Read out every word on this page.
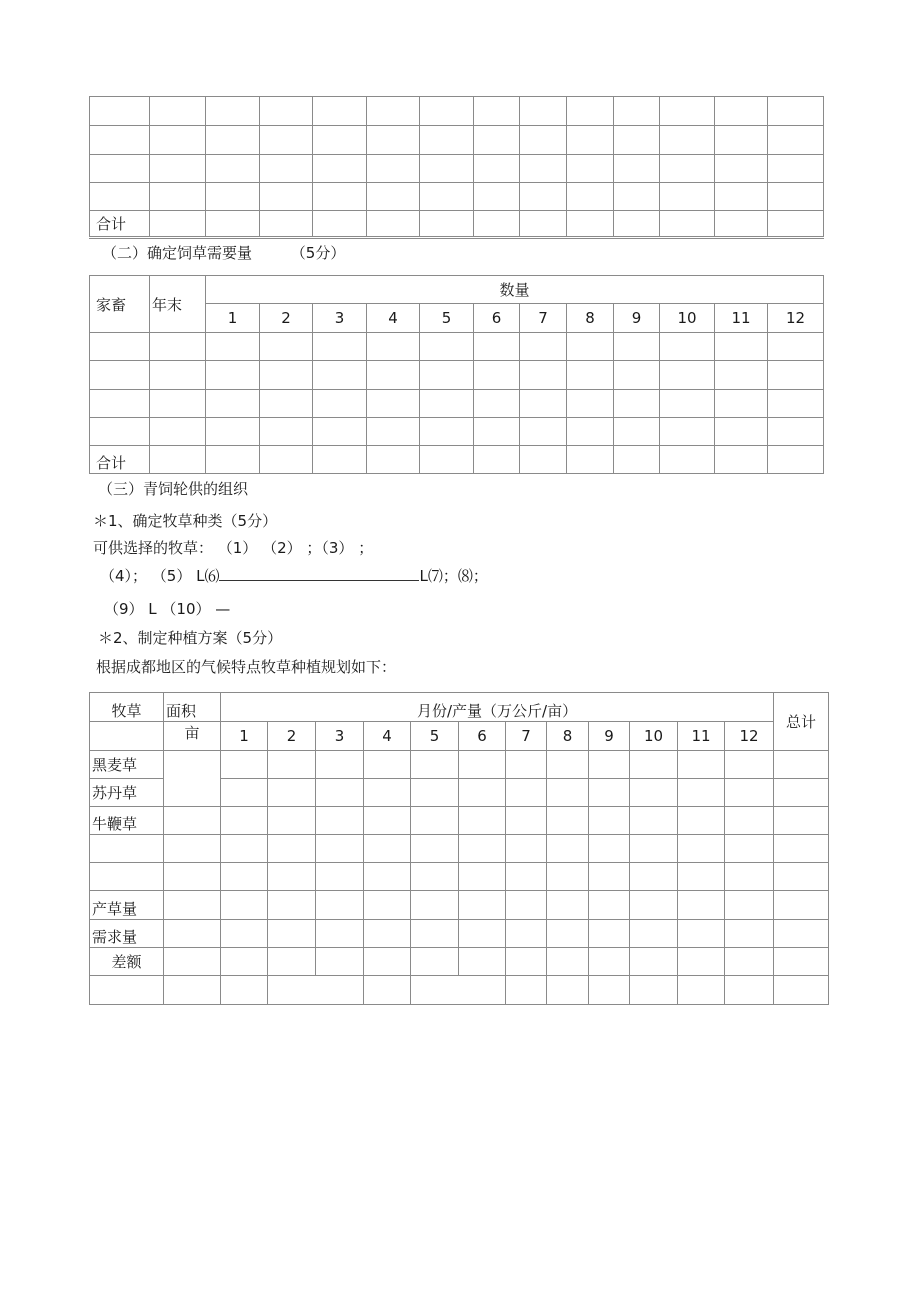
合计													
（二）确定饲草需要量	（5分）
家畜	年末	数量											
		1	2	3	4	5	6	7	8	9	10	11	12

合计													
（三）青饲轮供的组织
＊1、确定牧草种类（5分）
可供选择的牧草： （1） （2） ；（3） ；
（4）； （5） L⑹	L⑺；⑻；
（9） L （10） —
＊2、制定种植方案（5分）
根据成都地区的气候特点牧草种植规划如下：
牧草	面积	月份/产量（万公斤/亩）												总计
	亩	1	2	3	4	5	6	7	8	9	10	11	12	
黑麦草														
苏丹草														
牛鞭草														

产草量														
需求量														
差额														
